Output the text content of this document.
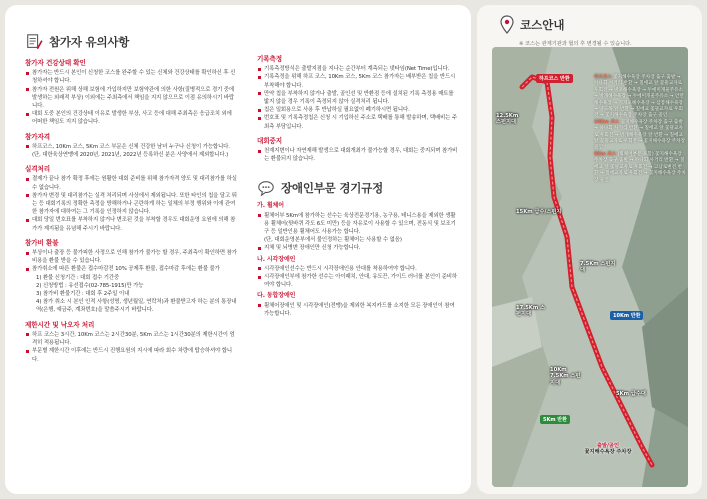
참가자 유의사항
참가자 건강상태 확인
참가자는 반드시 본인이 신청한 코스를 완주할 수 있는 신체와 건강상태를 확인하신 후 신청하셔야 합니다.
참가자 전원은 위해 상해 보험에 가입하지만 보험약관에 의한 사항(질병적으로 경기 중에 발생하는 외래적 부상) 이외에는 주최측에서 책임을 지지 않으므로 이점 유의하시기 바랍니다.
대회 도중 본인의 건강상태 이유로 발생한 부상, 사고 등에 대해 주최측은 응급조치 외에 어떠한 책임도 지지 않습니다.
참가자격
하프코스, 10Km 코스, 5Km 코스 부문은 신체 건강한 남녀 누구나 신청이 가능합니다. (단, 대한육상연맹에 2020년, 2021년, 2022년 등록하신 분은 사양에서 제외합니다.)
실격처리
결제가 끝나 참가 확정 후에는 원활한 대회 준비를 위해 참가자격 양도 및 대리참가를 하실 수 없습니다.
참가자 변경 및 대리참가는 실격 처리되며 사상에서 제외됩니다. 또한 타인의 칩을 달고 뛰는 등 대회기록의 정확한 측정을 방해하거나 곤란하게 하는 일체의 부정 행위와 이에 관여한 참가자에 대하여는 그 기록을 인정하지 않습니다.
대회 당일 번호표를 부착하지 않거나 변조된 것을 부착할 경우도 대회운영 요원에 의해 참가가 제지됨을 유념해 주시기 바랍니다.
참가비 환불
부상이나 출장 등 불가피한 사정으로 인해 참가가 불가능 할 경우, 주최측이 확인하면 참가비용을 환불 받을 수 있습니다.
참가취소에 따른 환불은 접수마감전 10% 공제후 환불, 접수마감 후에는 환불 불가
1) 환불 신청기간 : 대회 접수 기간중
2) 신청방법 : 유선접수(02-785-1915)만 가능
3) 참가비 환불기간 : 대회 후 2주일 이내
4) 참가 취소 시 본인 인적 사항(성명, 생년월일, 연락처)과 환불받고자 하는 분의 통장내역(은행, 예금주, 계좌번호)을 말씀주시기 바랍니다.
제한시간 및 낙오자 처리
하프 코스는 3시간, 10Km 코스는 2시간30분, 5Km 코스는 1시간30분의 제한시간이 엄격히 적용됩니다.
부문별 제한시간 이후에는 반드시 진행요원의 지시에 따라 회수 차량에 탑승하셔야 합니다.
기록측정
기록측정방식은 출발지점을 지나는 순간부터 계측되는 넷타임(Net Time)입니다.
기록측정을 위해 하프 코스, 10Km 코스, 5Km 코스 참가자는 배부받은 칩을 반드시 부착해야 합니다.
만약 칩을 부착하지 않거나 출발, 골인선 및 반환점 등에 설치된 기록 측정용 매트를 밟지 않을 경우 기록이 측정되지 않아 실격처리 됩니다.
칩은 일회용으로 사용 후 반납하실 필요없이 폐기하시면 됩니다.
번호표 및 기록측정칩은 신청 시 기입하신 주소로 택배를 통해 발송하며, 택배비는 주최측 부담입니다.
대회중지
천재지변이나 자연재해 발생으로 대회개최가 불가능할 경우, 대회는 중지되며 참가비는 환불되지 않습니다.
장애인부문 경기규정
가. 휠체어
휠체어부 5Km에 참가하는 선수는 육상전문경기용, 농구용, 테니스용을 제외한 생활용 휠체어(뒷바퀴 각도 6도 미만) 등을 자유로이 사용할 수 있으며, 전동식 및 보조기구 등 일반인용 휠체어도 사용가능 합니다.
(단, 대회운영본부에서 불인정하는 휠체어는 사용할 수 없음)
지체 및 뇌병변 장애인만 신청 가능합니다.
나. 시각장애인
시각장애인선수는 반드시 시각장애인용 안대를 착용하여야 합니다.
시각장애인부에 참가한 선수는 아이패치, 안대, 유도끈, 가이드 러너를 본인이 준비하여야 합니다.
다. 동합장애인
휠체어장애인 및 시각장애인(전맹)을 제외한 복지카드를 소지한 모든 장애인이 참여가능합니다.
코스안내
※ 코스는 관계기관과 협의 후 변경될 수 있습니다.
하프코스 반환
12.5Km
스펀지대
15Km 급수/스펀지
7.5Km 스펀지대
17.5Km 스펀지대	10Km 반환
10Km 7.5Km 스펀지대
5Km 급수대
5Km 반환
출발/골인
꽃지해수욕장 주차장
하프코스 꽃지해수욕장 주차장 출구 출발 → 하나회 사거리 반환 → 칠에교 앞 꽃뜰교자로 우회전 → 방포해수욕장 → 두에미개울주유소 → 방개해수욕장 → 두에미개울주유소 → 안면해수욕장 → 기지포해수욕장 → 삼봉해수욕장 → 양도목 앞 반환 → 칠에교 꽃뜰교자로 우회전 → 꽃지해수욕장 주차장 출구 골인
10Km 코스 꽃지해수욕장 주차장 출구 출발 → 하나회 사거리 반환 → 칠에교 앞 꽃뜰교자로 우회전 → 방개해수욕장 앞 반환 → 칠에교 앞 꽃뜰교자로 우회전 → 꽃지해수욕장 주차장 골인
5Km 코스 (휠체어부문 포함) 꽃지해수욕장 주차장 출구 출발 → 하나회 사거리 반환 → 칠에교 앞 꽃뜰교자로 우회전 → 고남로변전 반환 → 칠에교자로 우회전 → 꽃지해수욕장 주차장 골인
